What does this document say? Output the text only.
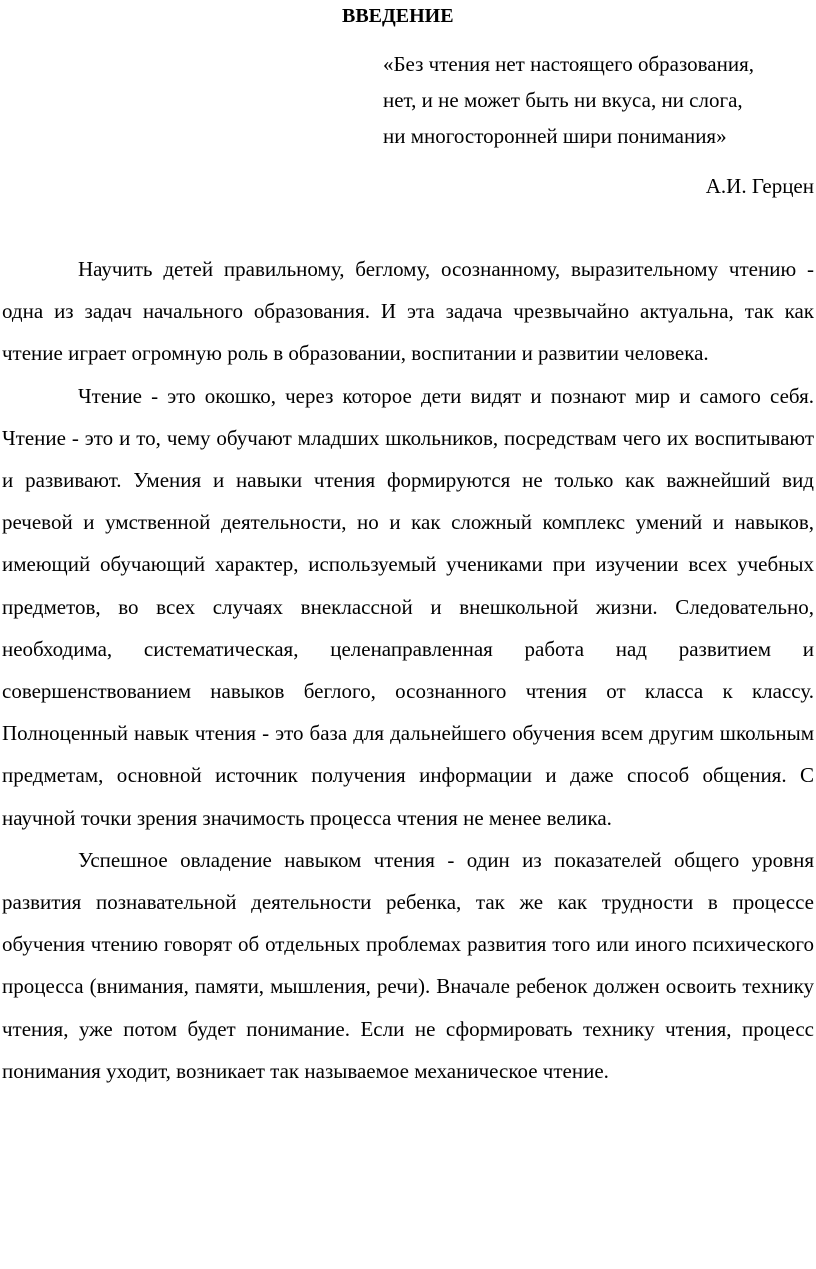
ВВЕДЕНИЕ
«Без чтения нет настоящего образования,
нет, и не может быть ни вкуса, ни слога,
ни многосторонней шири понимания»
А.И. Герцен

Научить детей правильному, беглому, осознанному, выразительному чтению - одна из задач начального образования. И эта задача чрезвычайно актуальна, так как чтение играет огромную роль в образовании, воспитании и развитии человека.

Чтение - это окошко, через которое дети видят и познают мир и самого себя. Чтение - это и то, чему обучают младших школьников, посредствам чего их воспитывают и развивают. Умения и навыки чтения формируются не только как важнейший вид речевой и умственной деятельности, но и как сложный комплекс умений и навыков, имеющий обучающий характер, используемый учениками при изучении всех учебных предметов, во всех случаях внеклассной и внешкольной жизни. Следовательно, необходима, систематическая, целенаправленная работа над развитием и совершенствованием навыков беглого, осознанного чтения от класса к классу. Полноценный навык чтения - это база для дальнейшего обучения всем другим школьным предметам, основной источник получения информации и даже способ общения. С научной точки зрения значимость процесса чтения не менее велика.

Успешное овладение навыком чтения - один из показателей общего уровня развития познавательной деятельности ребенка, так же как трудности в процессе обучения чтению говорят об отдельных проблемах развития того или иного психического процесса (внимания, памяти, мышления, речи). Вначале ребенок должен освоить технику чтения, уже потом будет понимание. Если не сформировать технику чтения, процесс понимания уходит, возникает так называемое механическое чтение.
